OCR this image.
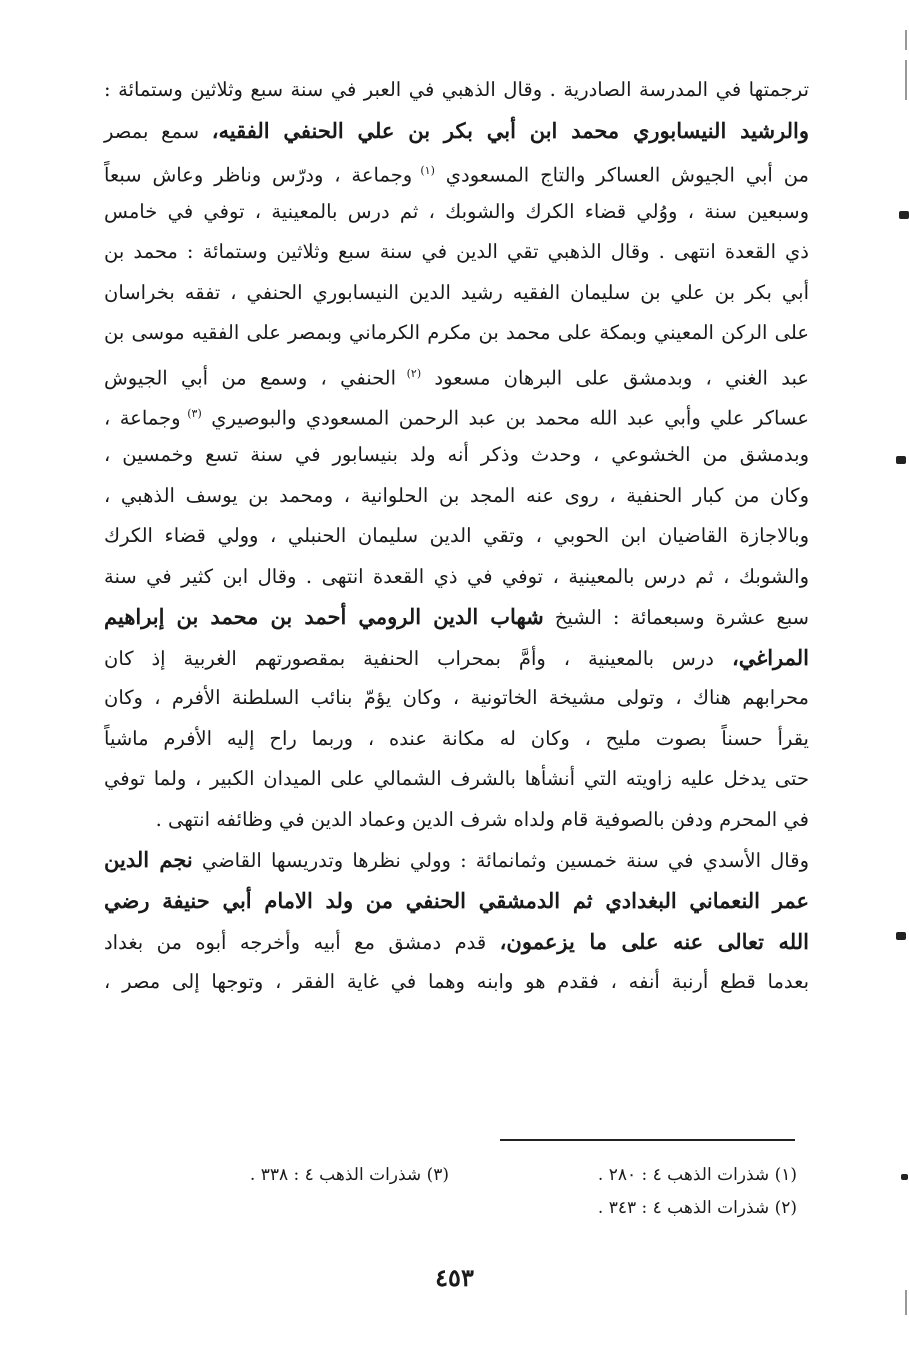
ترجمتها في المدرسة الصادرية . وقال الذهبي في العبر في سنة سبع وثلاثين وستمائة :
والرشيد النيسابوري محمد ابن أبي بكر بن علي الحنفي الفقيه، سمع بمصر
من أبي الجيوش العساكر والتاج المسعودي $^{(١)}$ وجماعة ، ودرّس وناظر وعاش سبعاً
وسبعين سنة ، ووُلي قضاء الكرك والشوبك ، ثم درس بالمعينية ، توفي في خامس
ذي القعدة انتهى . وقال الذهبي تقي الدين في سنة سبع وثلاثين وستمائة : محمد بن
أبي بكر بن علي بن سليمان الفقيه رشيد الدين النيسابوري الحنفي ، تفقه بخراسان
على الركن المعيني وبمكة على محمد بن مكرم الكرماني وبمصر على الفقيه موسى بن
عبد الغني ، وبدمشق على البرهان مسعود $^{(٢)}$ الحنفي ، وسمع من أبي الجيوش
عساكر علي وأبي عبد الله محمد بن عبد الرحمن المسعودي والبوصيري $^{(٣)}$ وجماعة ،
وبدمشق من الخشوعي ، وحدث وذكر أنه ولد بنيسابور في سنة تسع وخمسين ،
وكان من كبار الحنفية ، روى عنه المجد بن الحلوانية ، ومحمد بن يوسف الذهبي ،
وبالاجازة القاضيان ابن الحوبي ، وتقي الدين سليمان الحنبلي ، وولي قضاء الكرك
والشوبك ، ثم درس بالمعينية ، توفي في ذي القعدة انتهى . وقال ابن كثير في سنة
سبع عشرة وسبعمائة : الشيخ شهاب الدين الرومي أحمد بن محمد بن إبراهيم
المراغي، درس بالمعينية ، وأمَّ بمحراب الحنفية بمقصورتهم الغربية إذ كان
محرابهم هناك ، وتولى مشيخة الخاتونية ، وكان يؤمّ بنائب السلطنة الأفرم ، وكان
يقرأ حسناً بصوت مليح ، وكان له مكانة عنده ، وربما راح إليه الأفرم ماشياً
حتى يدخل عليه زاويته التي أنشأها بالشرف الشمالي على الميدان الكبير ، ولما توفي
في المحرم ودفن بالصوفية قام ولداه شرف الدين وعماد الدين في وظائفه انتهى .
وقال الأسدي في سنة خمسين وثمانمائة : وولي نظرها وتدريسها القاضي نجم الدين
عمر النعماني البغدادي ثم الدمشقي الحنفي من ولد الامام أبي حنيفة رضي
الله تعالى عنه على ما يزعمون، قدم دمشق مع أبيه وأخرجه أبوه من بغداد
بعدما قطع أرنبة أنفه ، فقدم هو وابنه وهما في غاية الفقر ، وتوجها إلى مصر ،
(١) شذرات الذهب ٤ : ٢٨٠ .
(٢) شذرات الذهب ٤ : ٣٤٣ .
(٣) شذرات الذهب ٤ : ٣٣٨ .
٤٥٣
